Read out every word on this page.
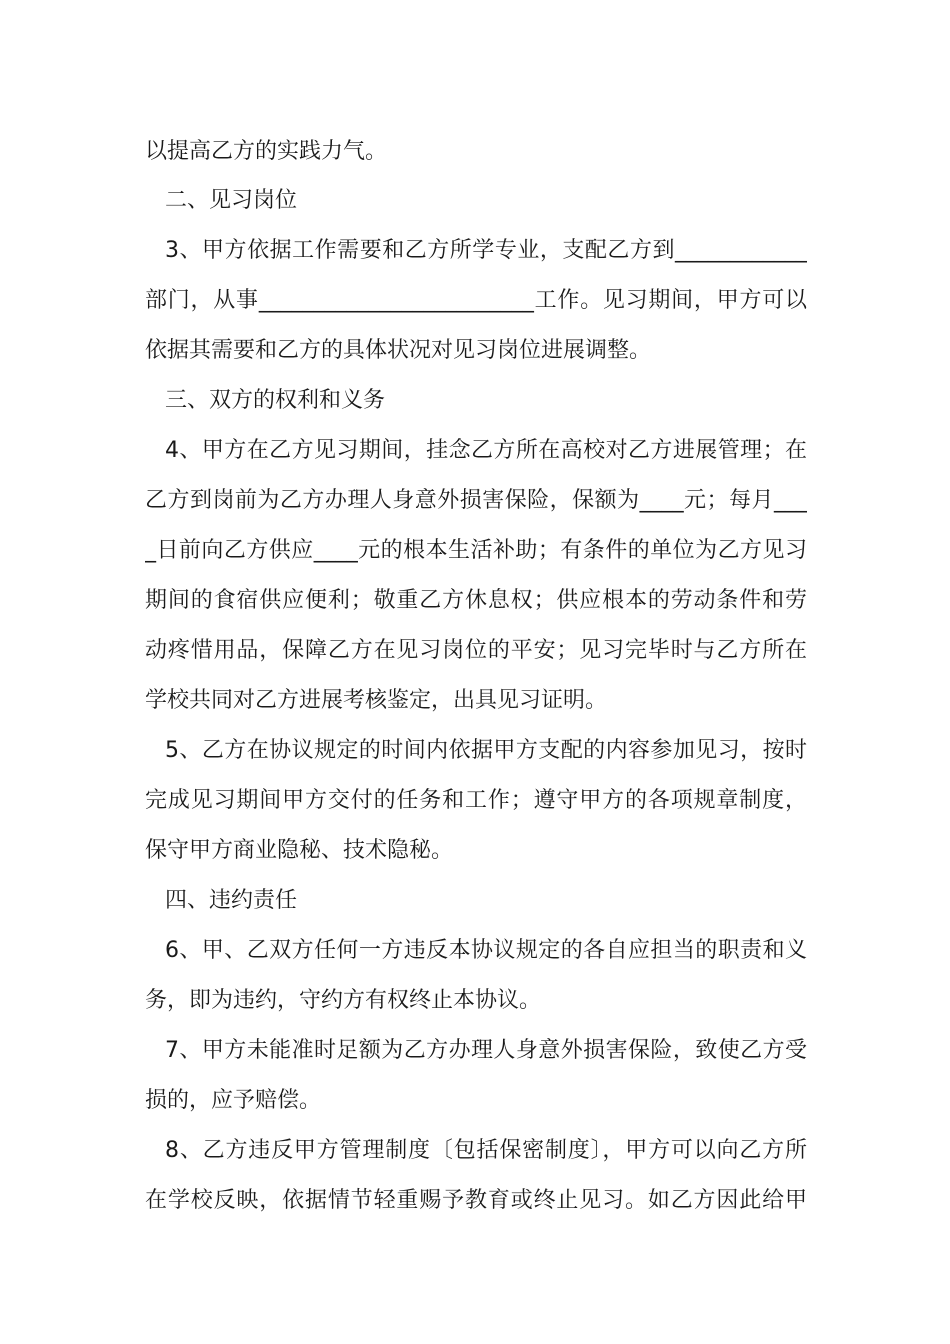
以提高乙方的实践力气。
二、见习岗位
3、甲方依据工作需要和乙方所学专业，支配乙方到____________
部门，从事_________________________工作。见习期间，甲方可以
依据其需要和乙方的具体状况对见习岗位进展调整。
三、双方的权利和义务
4、甲方在乙方见习期间，挂念乙方所在高校对乙方进展管理；在
乙方到岗前为乙方办理人身意外损害保险，保额为____元；每月___
_日前向乙方供应____元的根本生活补助；有条件的单位为乙方见习
期间的食宿供应便利；敬重乙方休息权；供应根本的劳动条件和劳
动疼惜用品，保障乙方在见习岗位的平安；见习完毕时与乙方所在
学校共同对乙方进展考核鉴定，出具见习证明。
5、乙方在协议规定的时间内依据甲方支配的内容参加见习，按时
完成见习期间甲方交付的任务和工作；遵守甲方的各项规章制度，
保守甲方商业隐秘、技术隐秘。
四、违约责任
6、甲、乙双方任何一方违反本协议规定的各自应担当的职责和义
务，即为违约，守约方有权终止本协议。
7、甲方未能准时足额为乙方办理人身意外损害保险，致使乙方受
损的，应予赔偿。
8、乙方违反甲方管理制度〔包括保密制度〕，甲方可以向乙方所
在学校反映，依据情节轻重赐予教育或终止见习。如乙方因此给甲
